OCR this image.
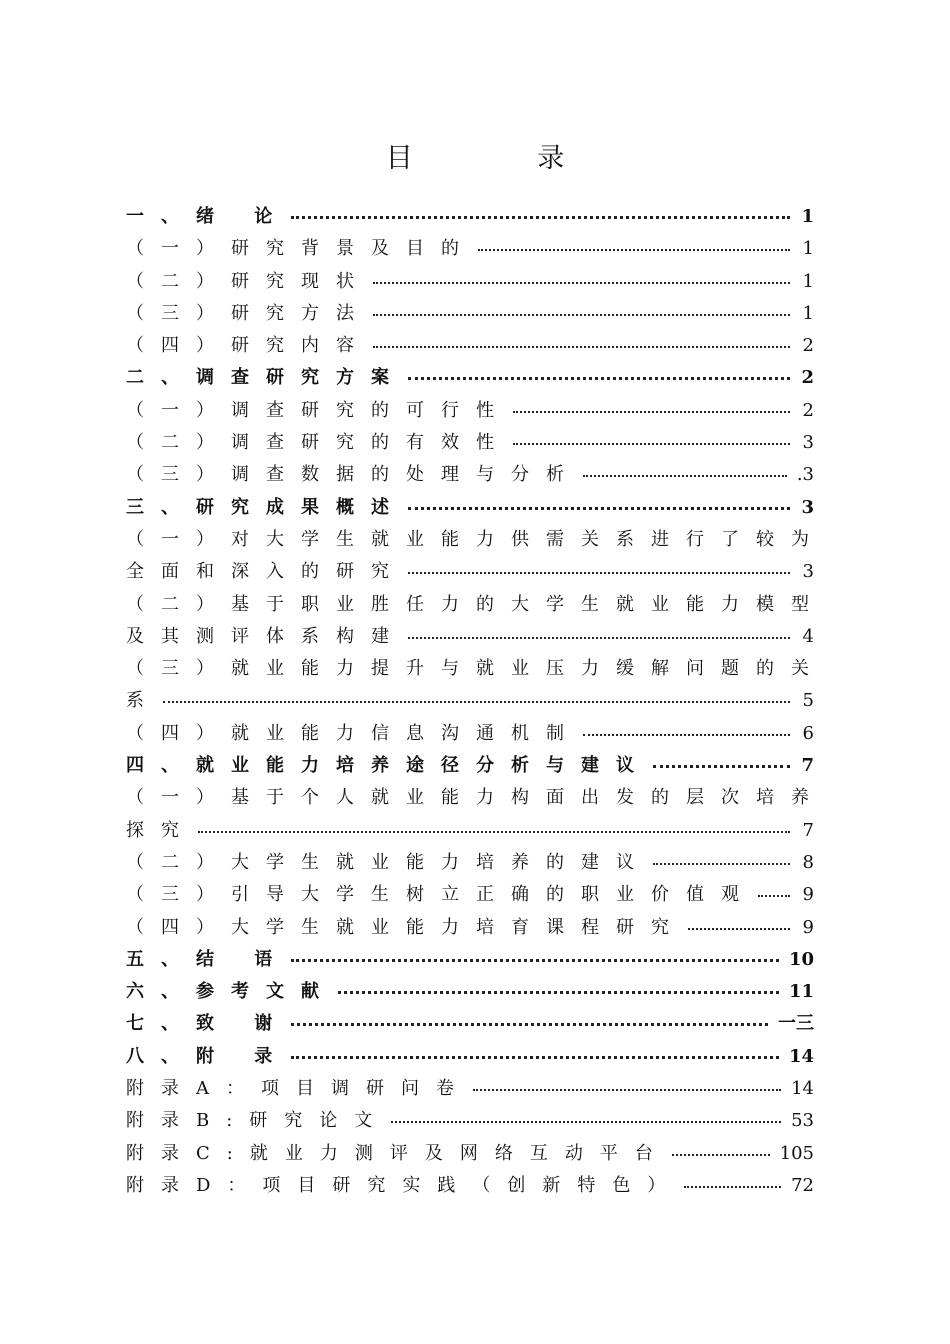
目 录
一、绪 论	1
（一）研究背景及目的	1
（二）研究现状	1
（三）研究方法	1
（四）研究内容	2
二、调查研究方案	2
（一）调查研究的可行性	2
（二）调查研究的有效性	3
（三）调查数据的处理与分析	.3
三、研究成果概述	3
（一）对大学生就业能力供需关系进行了较为
全面和深入的研究	3
（二）基于职业胜任力的大学生就业能力模型
及其测评体系构建	4
（三）就业能力提升与就业压力缓解问题的关
系	5
（四）就业能力信息沟通机制	6
四、就业能力培养途径分析与建议	7
（一）基于个人就业能力构面出发的层次培养
探究	7
（二）大学生就业能力培养的建议	8
（三）引导大学生树立正确的职业价值观	9
（四）大学生就业能力培育课程研究	9
五、结 语	10
六、参考文献	11
七、致 谢	一三
八、附 录	14
附录A：项目调研问卷	14
附录B:研究论文	53
附录C:就业力测评及网络互动平台	105
附录D：项目研究实践（创新特色）	72
